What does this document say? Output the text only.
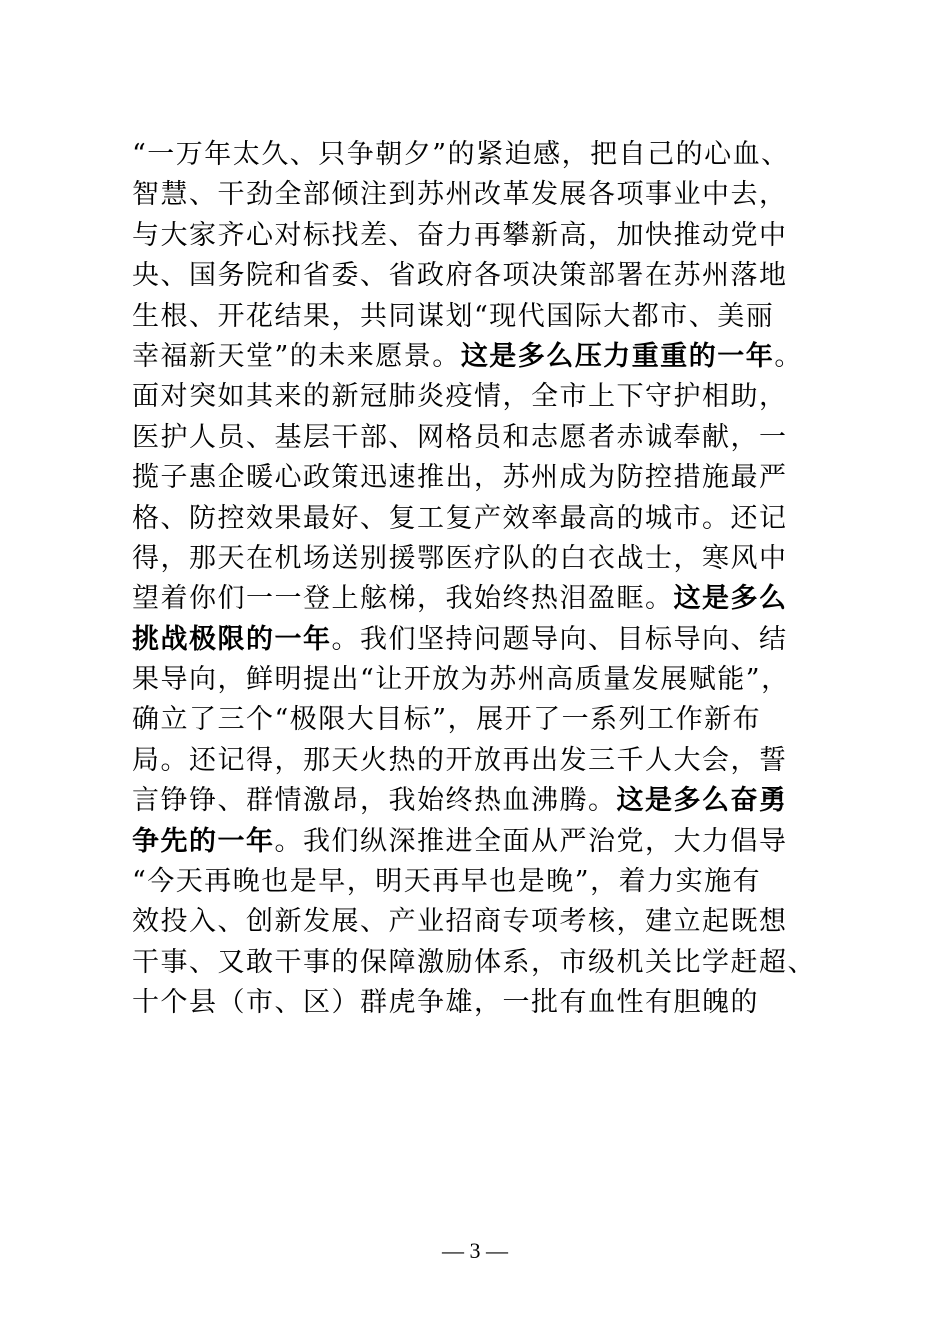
“一万年太久、只争朝夕”的紧迫感，把自己的心血、
智慧、干劲全部倾注到苏州改革发展各项事业中去，
与大家齐心对标找差、奋力再攀新高，加快推动党中
央、国务院和省委、省政府各项决策部署在苏州落地
生根、开花结果，共同谋划“现代国际大都市、美丽
幸福新天堂”的未来愿景。这是多么压力重重的一年。
面对突如其来的新冠肺炎疫情，全市上下守护相助，
医护人员、基层干部、网格员和志愿者赤诚奉献，一
揽子惠企暖心政策迅速推出，苏州成为防控措施最严
格、防控效果最好、复工复产效率最高的城市。还记
得，那天在机场送别援鄂医疗队的白衣战士，寒风中
望着你们一一登上舷梯，我始终热泪盈眶。这是多么
挑战极限的一年。我们坚持问题导向、目标导向、结
果导向，鲜明提出“让开放为苏州高质量发展赋能”，
确立了三个“极限大目标”，展开了一系列工作新布
局。还记得，那天火热的开放再出发三千人大会，誓
言铮铮、群情激昂，我始终热血沸腾。这是多么奋勇
争先的一年。我们纵深推进全面从严治党，大力倡导
“今天再晚也是早，明天再早也是晚”，着力实施有
效投入、创新发展、产业招商专项考核，建立起既想
干事、又敢干事的保障激励体系，市级机关比学赶超、
十个县（市、区）群虎争雄，一批有血性有胆魄的
— 3 —
